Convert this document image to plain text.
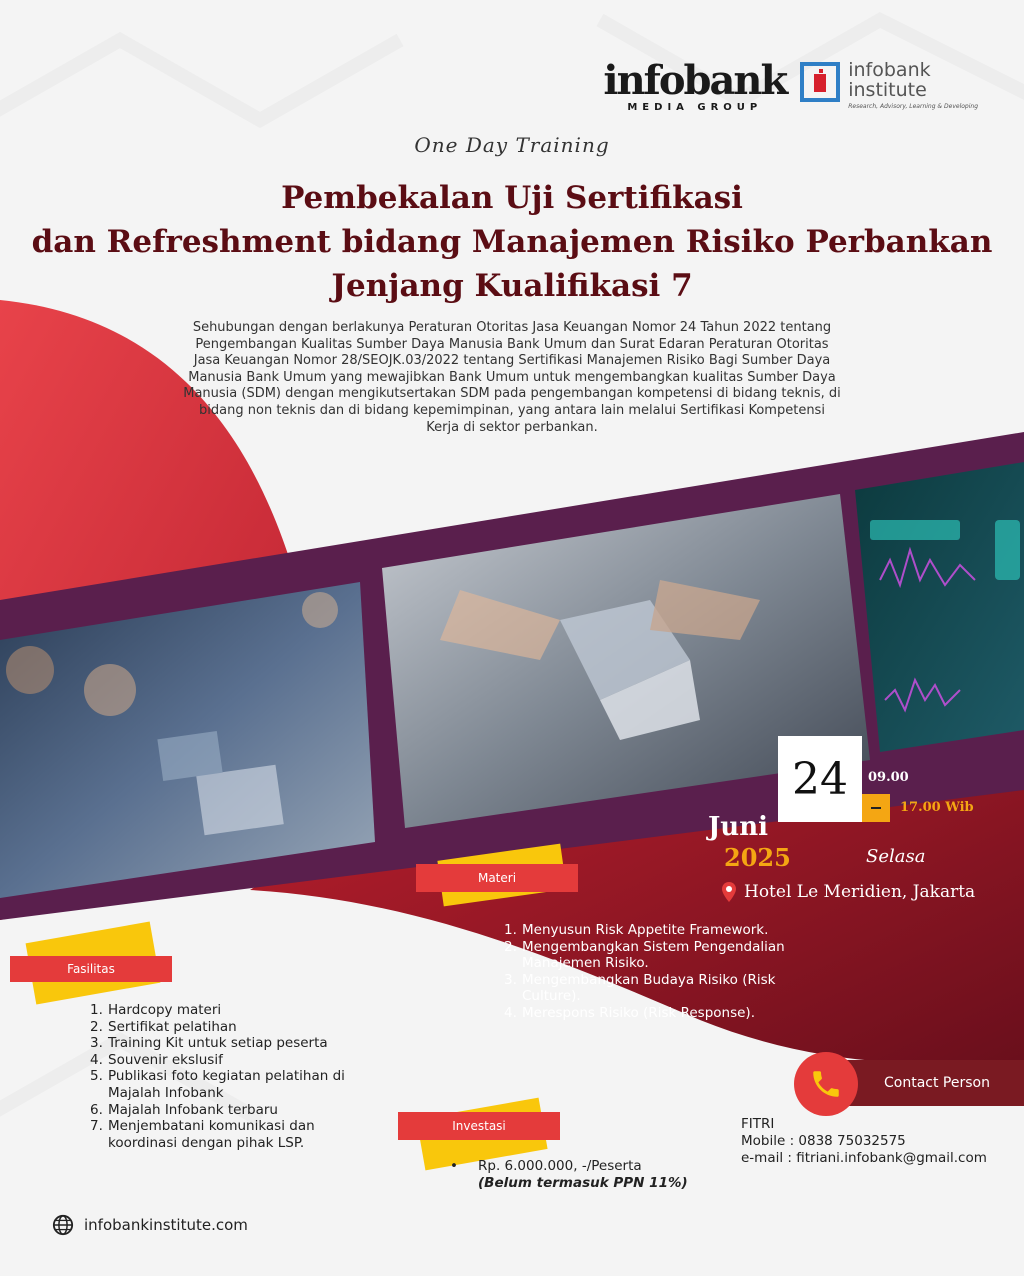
infobank
MEDIA GROUP
infobank
institute
Research, Advisory, Learning & Developing
One Day Training
Pembekalan Uji Sertifikasi
dan Refreshment bidang Manajemen Risiko Perbankan
Jenjang Kualifikasi 7
Sehubungan dengan berlakunya Peraturan Otoritas Jasa Keuangan Nomor 24 Tahun 2022 tentang Pengembangan Kualitas Sumber Daya Manusia Bank Umum dan Surat Edaran Peraturan Otoritas Jasa Keuangan Nomor 28/SEOJK.03/2022 tentang Sertifikasi Manajemen Risiko Bagi Sumber Daya Manusia Bank Umum yang mewajibkan Bank Umum untuk mengembangkan kualitas Sumber Daya Manusia (SDM) dengan mengikutsertakan SDM pada pengembangan kompetensi di bidang teknis, di bidang non teknis dan di bidang kepemimpinan, yang antara lain melalui Sertifikasi Kompetensi Kerja di sektor perbankan.
24	09.00
17.00 Wib
Juni
2025	Selasa
Hotel Le Meridien, Jakarta
Materi
1. Menyusun Risk Appetite Framework.
2. Mengembangkan Sistem Pengendalian Manajemen Risiko.
3. Mengembangkan Budaya Risiko (Risk Culture).
4. Merespons Risiko (Risk Response).
Fasilitas
1. Hardcopy materi
2. Sertifikat pelatihan
3. Training Kit untuk setiap peserta
4. Souvenir ekslusif
5. Publikasi foto kegiatan pelatihan di Majalah Infobank
6. Majalah Infobank terbaru
7. Menjembatani komunikasi dan koordinasi dengan pihak LSP.
Investasi
•	Rp. 6.000.000, -/Peserta
(Belum termasuk PPN 11%)
Contact Person
FITRI
Mobile : 0838 75032575
e-mail : fitriani.infobank@gmail.com
infobankinstitute.com
